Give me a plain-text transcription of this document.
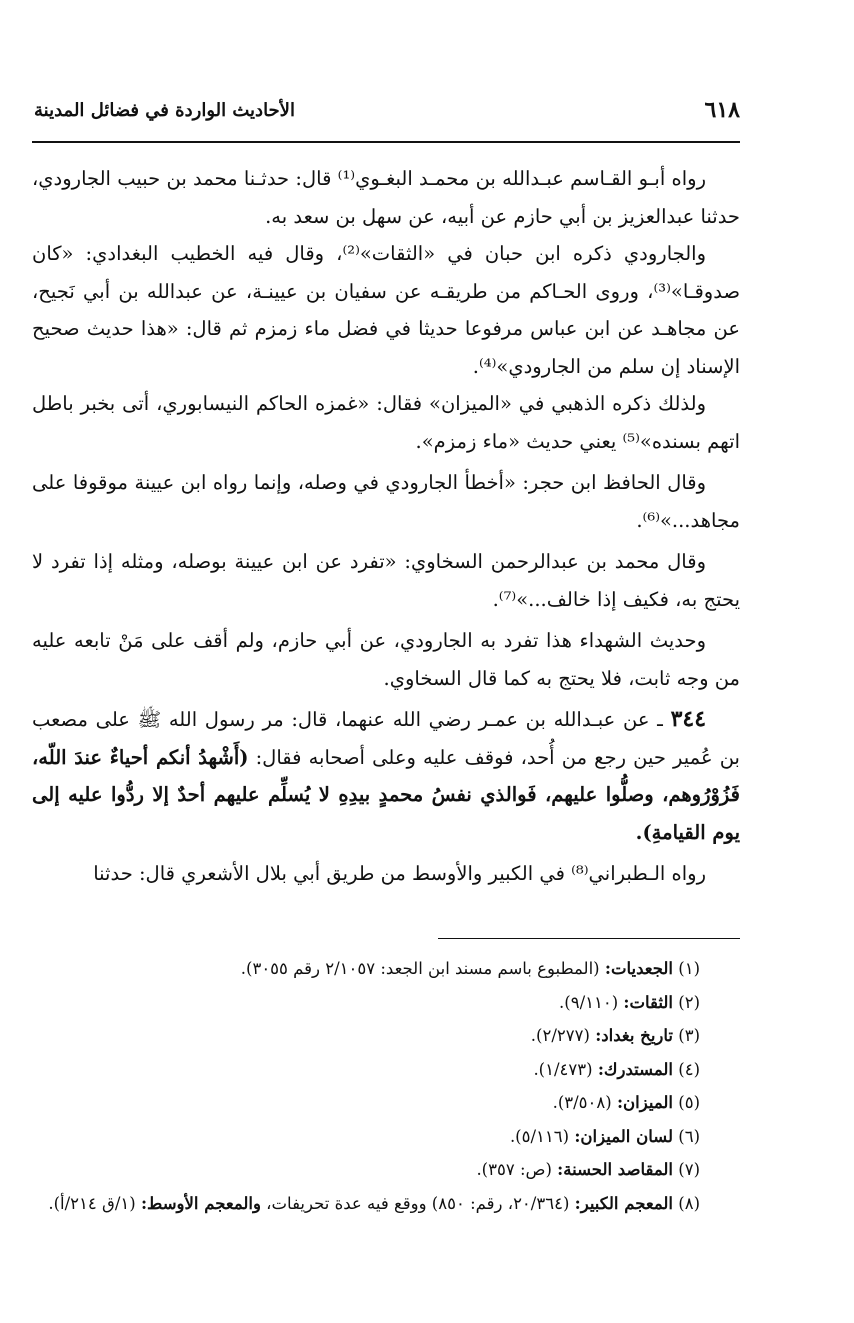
٦١٨
الأحاديث الواردة في فضائل المدينة

رواه أبـو القـاسم عبـدالله بن محمـد البغـوي⁽¹⁾ قال: حدثـنا محمد بن حبيب الجارودي، حدثنا عبدالعزيز بن أبي حازم عن أبيه، عن سهل بن سعد به.

والجارودي ذكره ابن حبان في «الثقات»⁽²⁾، وقال فيه الخطيب البغدادي: «كان صدوقـا»⁽³⁾، وروى الحـاكم من طريقـه عن سفيان بن عيينـة، عن عبدالله بن أبي نَجيح، عن مجاهـد عن ابن عباس مرفوعا حديثا في فضل ماء زمزم ثم قال: «هذا حديث صحيح الإسناد إن سلم من الجارودي»⁽⁴⁾.

ولذلك ذكره الذهبي في «الميزان» فقال: «غمزه الحاكم النيسابوري، أتى بخبر باطل اتهم بسنده»⁽⁵⁾ يعني حديث «ماء زمزم».

وقال الحافظ ابن حجر: «أخطأ الجارودي في وصله، وإنما رواه ابن عيينة موقوفا على مجاهد...»⁽⁶⁾.

وقال محمد بن عبدالرحمن السخاوي: «تفرد عن ابن عيينة بوصله، ومثله إذا تفرد لا يحتج به، فكيف إذا خالف...»⁽⁷⁾.

وحديث الشهداء هذا تفرد به الجارودي، عن أبي حازم، ولم أقف على مَنْ تابعه عليه من وجه ثابت، فلا يحتج به كما قال السخاوي.

٣٤٤ ـ عن عبـدالله بن عمـر رضي الله عنهما، قال: مر رسول الله ﷺ على مصعب بن عُمير حين رجع من أُحد، فوقف عليه وعلى أصحابه فقال: (أَشْهدُ أنكم أحياءٌ عندَ اللّه، فَزُوْرُوهم، وصلُّوا عليهم، فَوالذي نفسُ محمدٍ بيدِهِ لا يُسلِّم عليهم أحدٌ إلا ردُّوا عليه إلى يوم القيامةِ).

رواه الـطبراني⁽⁸⁾ في الكبير والأوسط من طريق أبي بلال الأشعري قال: حدثنا

(١) الجعديات: (المطبوع باسم مسند ابن الجعد: ٢/١٠٥٧ رقم ٣٠٥٥).
(٢) الثقات: (٩/١١٠).
(٣) تاريخ بغداد: (٢/٢٧٧).
(٤) المستدرك: (١/٤٧٣).
(٥) الميزان: (٣/٥٠٨).
(٦) لسان الميزان: (٥/١١٦).
(٧) المقاصد الحسنة: (ص: ٣٥٧).
(٨) المعجم الكبير: (٢٠/٣٦٤، رقم: ٨٥٠) ووقع فيه عدة تحريفات، والمعجم الأوسط: (١/ق ٢١٤/أ).
